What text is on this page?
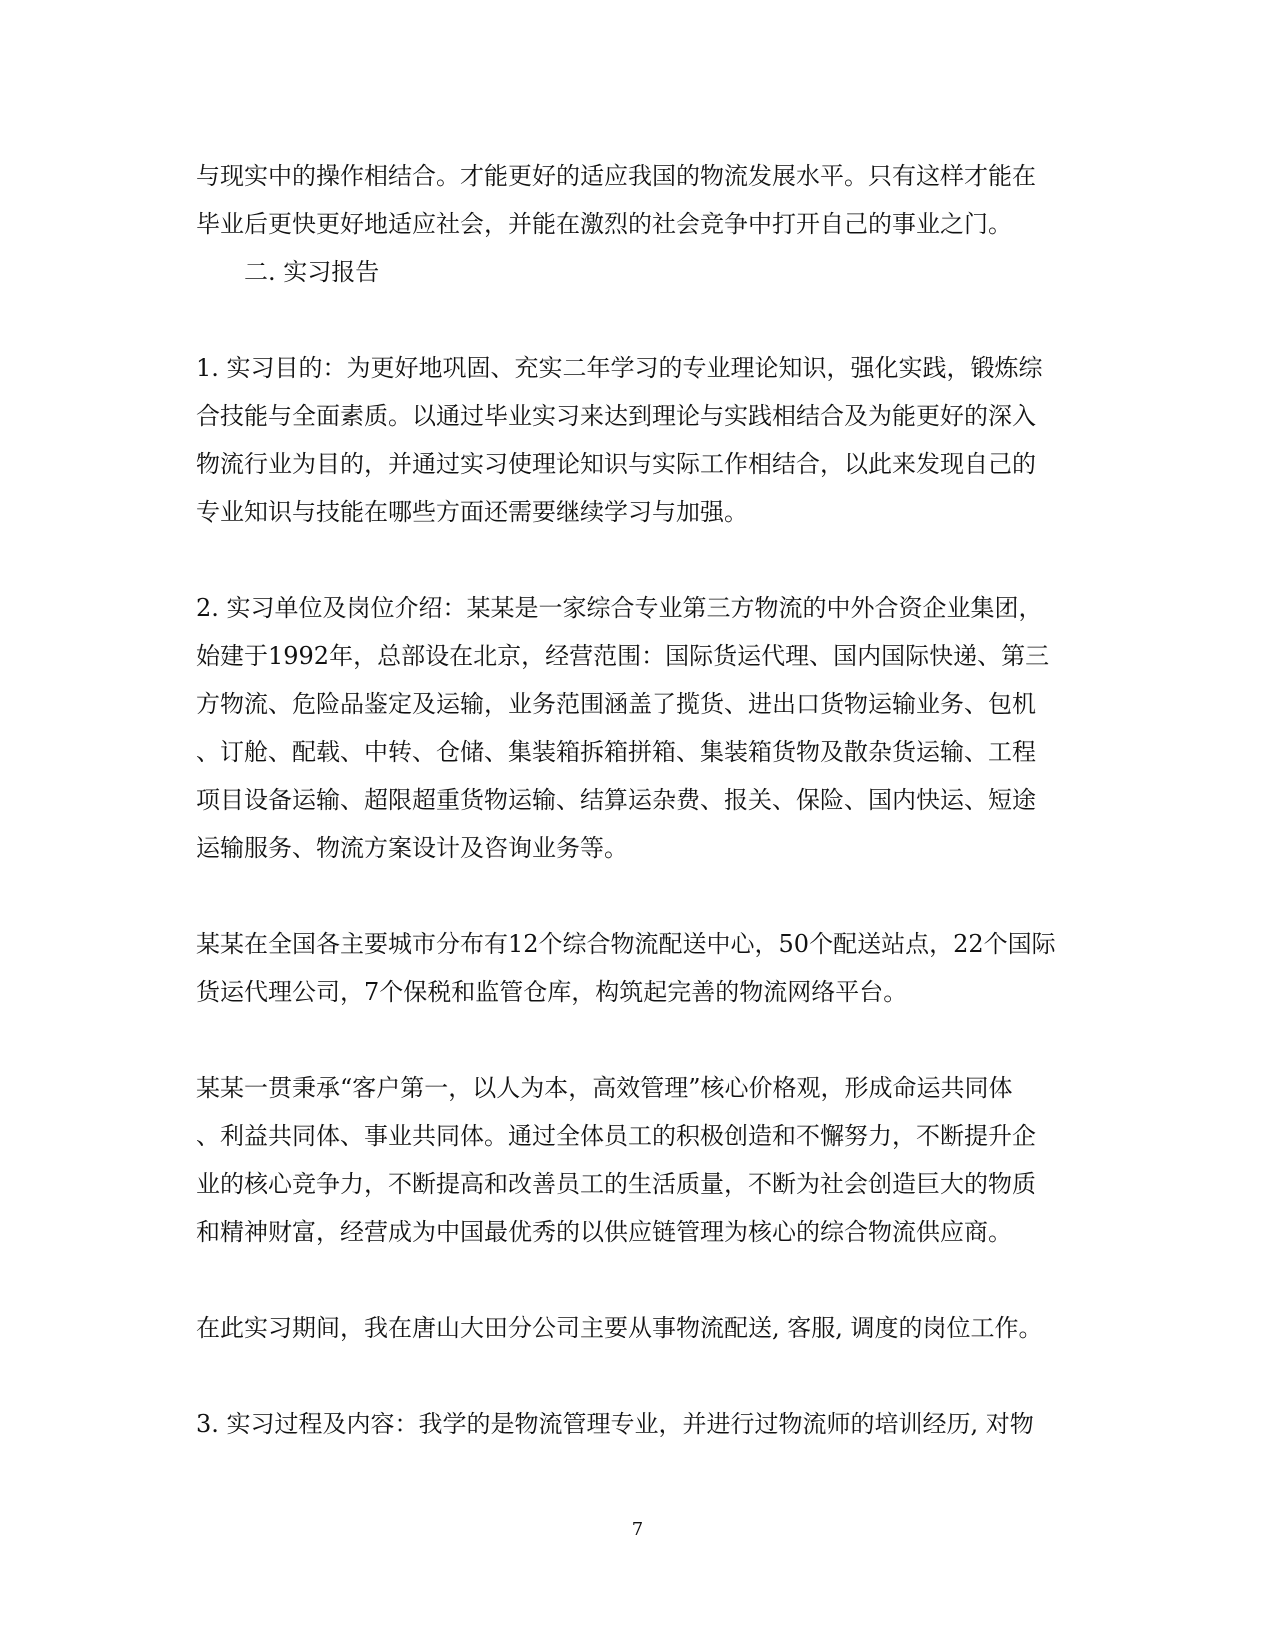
与现实中的操作相结合。才能更好的适应我国的物流发展水平。只有这样才能在
毕业后更快更好地适应社会，并能在激烈的社会竞争中打开自己的事业之门。
二. 实习报告
1. 实习目的：为更好地巩固、充实二年学习的专业理论知识，强化实践，锻炼综
合技能与全面素质。以通过毕业实习来达到理论与实践相结合及为能更好的深入
物流行业为目的，并通过实习使理论知识与实际工作相结合，以此来发现自己的
专业知识与技能在哪些方面还需要继续学习与加强。
2. 实习单位及岗位介绍：某某是一家综合专业第三方物流的中外合资企业集团，
始建于1992年，总部设在北京，经营范围：国际货运代理、国内国际快递、第三
方物流、危险品鉴定及运输，业务范围涵盖了揽货、进出口货物运输业务、包机
、订舱、配载、中转、仓储、集装箱拆箱拼箱、集装箱货物及散杂货运输、工程
项目设备运输、超限超重货物运输、结算运杂费、报关、保险、国内快运、短途
运输服务、物流方案设计及咨询业务等。
某某在全国各主要城市分布有12个综合物流配送中心，50个配送站点，22个国际
货运代理公司，7个保税和监管仓库，构筑起完善的物流网络平台。
某某一贯秉承“客户第一，以人为本，高效管理”核心价格观，形成命运共同体
、利益共同体、事业共同体。通过全体员工的积极创造和不懈努力，不断提升企
业的核心竞争力，不断提高和改善员工的生活质量，不断为社会创造巨大的物质
和精神财富，经营成为中国最优秀的以供应链管理为核心的综合物流供应商。
在此实习期间，我在唐山大田分公司主要从事物流配送, 客服, 调度的岗位工作。
3. 实习过程及内容：我学的是物流管理专业，并进行过物流师的培训经历, 对物
7
